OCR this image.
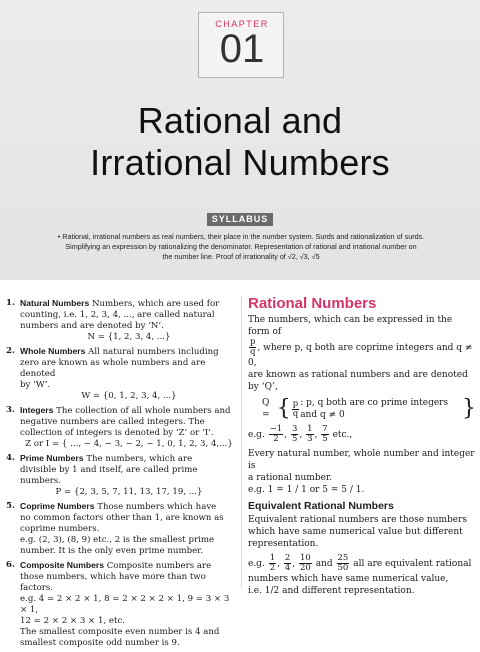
CHAPTER
01
Rational and
Irrational Numbers
SYLLABUS
• Rational, irrational numbers as real numbers, their place in the number system. Surds and rationalization of surds.
Simplifying an expression by rationalizing the denominator. Representation of rational and irrational number on
the number line. Proof of irrationality of √2, √3, √5
1. Natural Numbers Numbers, which are used for
counting, i.e. 1, 2, 3, 4, ..., are called natural
numbers and are denoted by ‘N’.
N = {1, 2, 3, 4, ...}
2. Whole Numbers All natural numbers including
zero are known as whole numbers and are denoted
by ‘W’.
W = {0, 1, 2, 3, 4, ...}
3. Integers The collection of all whole numbers and
negative numbers are called integers. The
collection of integers is denoted by ‘Z’ or ‘I’.
Z or I = { ..., − 4, − 3, − 2, − 1, 0, 1, 2, 3, 4,...}
4. Prime Numbers The numbers, which are
divisible by 1 and itself, are called prime numbers.
P = {2, 3, 5, 7, 11, 13, 17, 19, ...}
5. Coprime Numbers Those numbers which have
no common factors other than 1, are known as
coprime numbers.
e.g. (2, 3), (8, 9) etc., 2 is the smallest prime
number. It is the only even prime number.
6. Composite Numbers Composite numbers are
those numbers, which have more than two factors.
e.g. 4 = 2 × 2 × 1, 8 = 2 × 2 × 2 × 1, 9 = 3 × 3 × 1,
12 = 2 × 2 × 3 × 1, etc.
The smallest composite even number is 4 and
smallest composite odd number is 9.
Rational Numbers
The numbers, which can be expressed in the form of
$\frac{p}{q}$ , where p, q both are coprime integers and q ≠ 0,
are known as rational numbers and are denoted
by ‘Q’,
Q = { $\frac{p}{q}$ : p, q both are co prime integers and q ≠ 0	}
e.g. $\frac{-1}{2}$ , $\frac{3}{5}$ , $\frac{1}{3}$ , $\frac{7}{5}$ etc.,
Every natural number, whole number and integer is
a rational number.
e.g. 1 = 1 / 1 or 5 = 5 / 1.
Equivalent Rational Numbers
Equivalent rational numbers are those numbers
which have same numerical value but different
representation.
e.g. $\frac{1}{2}$ , $\frac{2}{4}$ , $\frac{10}{20}$ and $\frac{25}{50}$ all are equivalent rational
numbers which have same numerical value,
i.e. 1/2 and different representation.
